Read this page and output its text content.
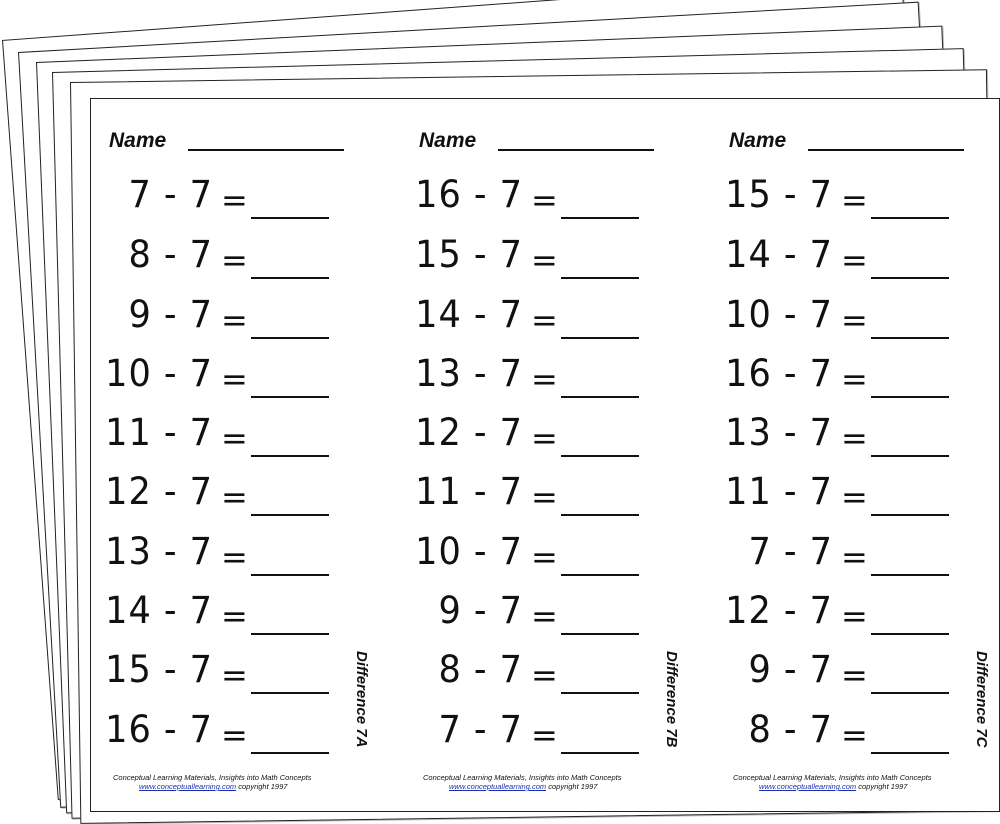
Name
7 - 7 =
8 - 7 =
9 - 7 =
10 - 7 =
11 - 7 =
12 - 7 =
13 - 7 =
14 - 7 =
15 - 7 =
16 - 7 =	Difference 7A
Conceptual Learning Materials, Insights into Math Concepts
www.conceptuallearning.com copyright 1997
Name
16 - 7 =
15 - 7 =
14 - 7 =
13 - 7 =
12 - 7 =
11 - 7 =
10 - 7 =
9 - 7 =
8 - 7 =
7 - 7 =	Difference 7B
Conceptual Learning Materials, Insights into Math Concepts
www.conceptuallearning.com copyright 1997
Name
15 - 7 =
14 - 7 =
10 - 7 =
16 - 7 =
13 - 7 =
11 - 7 =
7 - 7 =
12 - 7 =
9 - 7 =
8 - 7 =	Difference 7C
Conceptual Learning Materials, Insights into Math Concepts
www.conceptuallearning.com copyright 1997
